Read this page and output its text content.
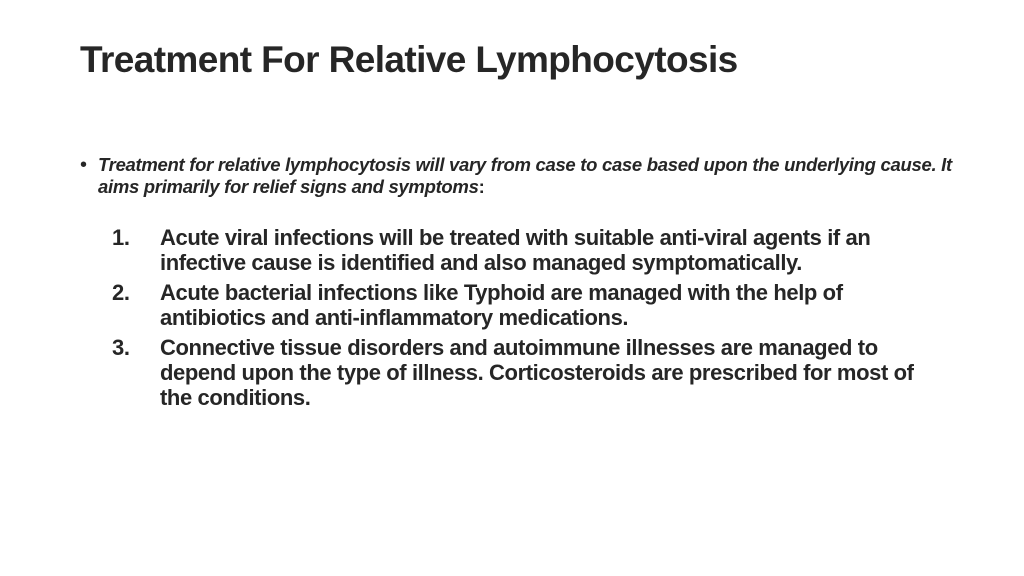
Treatment For Relative Lymphocytosis
• Treatment for relative lymphocytosis will vary from case to case based upon the underlying cause. It aims primarily for relief signs and symptoms:
1.	Acute viral infections will be treated with suitable anti-viral agents if an infective cause is identified and also managed symptomatically.
2.	Acute bacterial infections like Typhoid are managed with the help of antibiotics and anti-inflammatory medications.
3.	Connective tissue disorders and autoimmune illnesses are managed to depend upon the type of illness. Corticosteroids are prescribed for most of the conditions.
